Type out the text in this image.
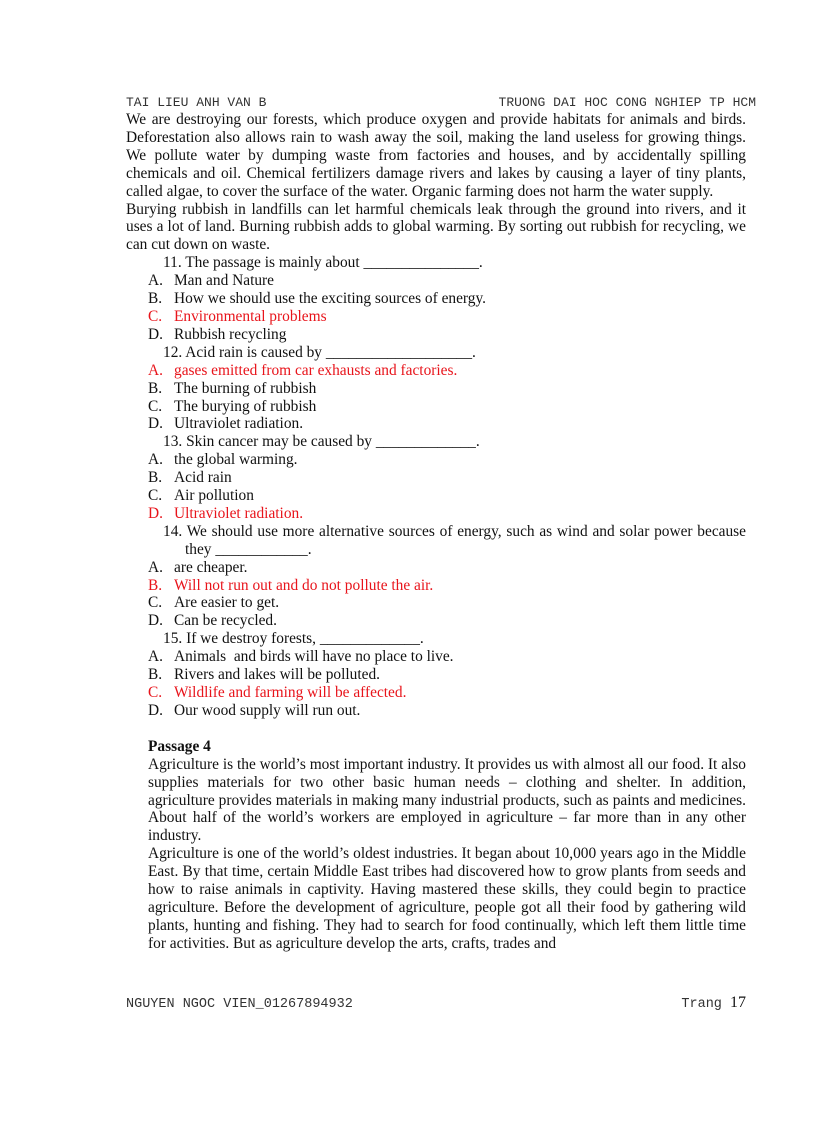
TAI LIEU ANH VAN B	TRUONG DAI HOC CONG NGHIEP TP HCM

We are destroying our forests, which produce oxygen and provide habitats for animals and birds. Deforestation also allows rain to wash away the soil, making the land useless for growing things. We pollute water by dumping waste from factories and houses, and by accidentally spilling chemicals and oil. Chemical fertilizers damage rivers and lakes by causing a layer of tiny plants, called algae, to cover the surface of the water. Organic farming does not harm the water supply.

Burying rubbish in landfills can let harmful chemicals leak through the ground into rivers, and it uses a lot of land. Burning rubbish adds to global warming. By sorting out rubbish for recycling, we can cut down on waste.

11. The passage is mainly about _______________.

A. Man and Nature
B. How we should use the exciting sources of energy.
C. Environmental problems
D. Rubbish recycling

12. Acid rain is caused by ___________________.

A. gases emitted from car exhausts and factories.
B. The burning of rubbish
C. The burying of rubbish
D. Ultraviolet radiation.

13. Skin cancer may be caused by _____________.

A. the global warming.
B. Acid rain
C. Air pollution
D. Ultraviolet radiation.

14. We should use more alternative sources of energy, such as wind and solar power because they ____________.

A. are cheaper.
B. Will not run out and do not pollute the air.
C. Are easier to get.
D. Can be recycled.

15. If we destroy forests, _____________.

A. Animals  and birds will have no place to live.
B. Rivers and lakes will be polluted.
C. Wildlife and farming will be affected.
D. Our wood supply will run out.

Passage 4

Agriculture is the world’s most important industry. It provides us with almost all our food. It also supplies materials for two other basic human needs – clothing and shelter. In addition, agriculture provides materials in making many industrial products, such as paints and medicines. About half of the world’s workers are employed in agriculture – far more than in any other industry.

Agriculture is one of the world’s oldest industries. It began about 10,000 years ago in the Middle East. By that time, certain Middle East tribes had discovered how to grow plants from seeds and how to raise animals in captivity. Having mastered these skills, they could begin to practice agriculture. Before the development of agriculture, people got all their food by gathering wild plants, hunting and fishing. They had to search for food continually, which left them little time for activities. But as agriculture develop the arts, crafts, trades and

NGUYEN NGOC VIEN_01267894932	Trang 17
